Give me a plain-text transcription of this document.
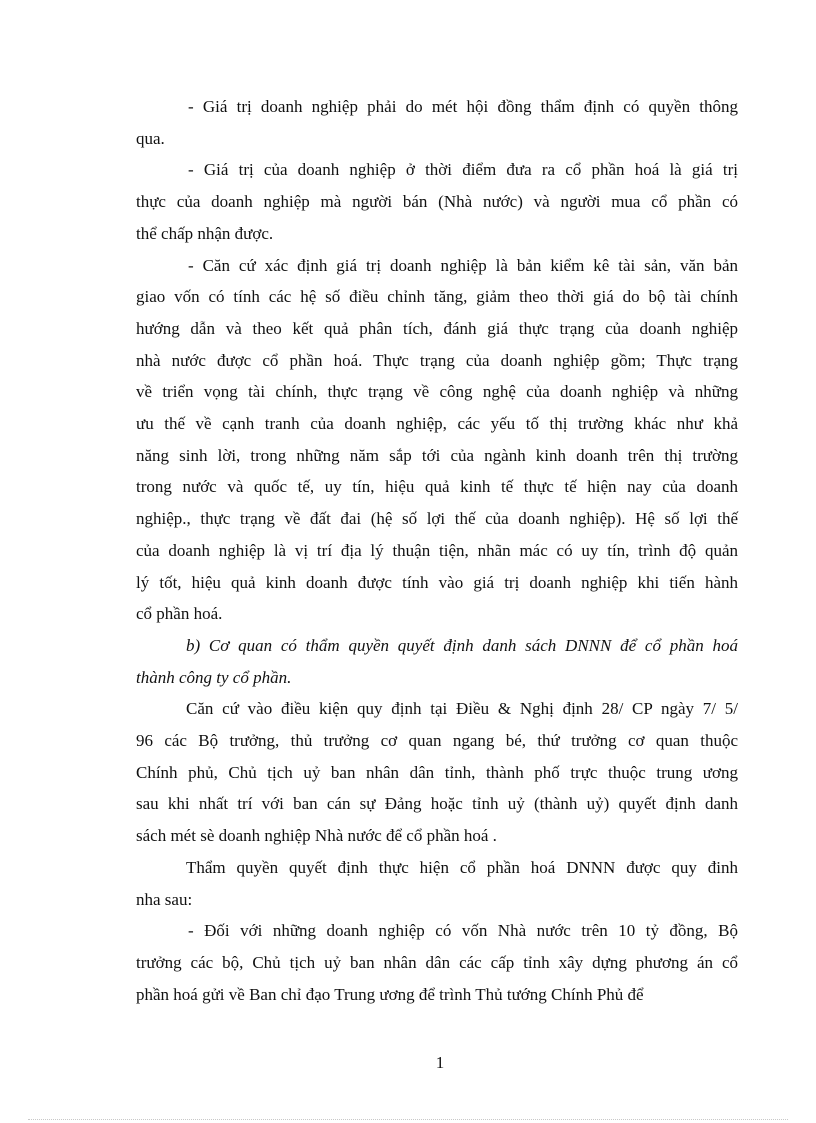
- Giá trị doanh nghiệp phải do mét hội đồng thẩm định có quyền thông
qua.

- Giá trị của doanh nghiệp ở thời điểm đưa ra cổ phần hoá là giá trị
thực của doanh nghiệp mà người bán (Nhà nước) và người mua cổ phần có
thể chấp nhận được.

- Căn cứ xác định giá trị doanh nghiệp là bản kiểm kê tài sản, văn bản
giao vốn có tính các hệ số điều chỉnh tăng, giảm theo thời giá do bộ tài chính
hướng dẫn và theo kết quả phân tích, đánh giá thực trạng của doanh nghiệp
nhà nước được cổ phần hoá. Thực trạng của doanh nghiệp gồm; Thực trạng
về triển vọng tài chính, thực trạng về công nghệ của doanh nghiệp và những
ưu thế về cạnh tranh của doanh nghiệp, các yếu tố thị trường khác như khả
năng sinh lời, trong những năm sắp tới của ngành kinh doanh trên thị trường
trong nước và quốc tế, uy tín, hiệu quả kinh tế thực tế hiện nay của doanh
nghiệp., thực trạng về đất đai (hệ số lợi thế của doanh nghiệp). Hệ số lợi thế
của doanh nghiệp là vị trí địa lý thuận tiện, nhãn mác có uy tín, trình độ quản
lý tốt, hiệu quả kinh doanh được tính vào giá trị doanh nghiệp khi tiến hành
cổ phần hoá.

b) Cơ quan có thẩm quyền quyết định danh sách DNNN để cổ phần hoá
thành công ty cổ phần.

Căn cứ vào điều kiện quy định tại Điều & Nghị định 28/ CP ngày 7/ 5/
96 các Bộ trưởng, thủ trưởng cơ quan ngang bé, thứ trưởng cơ quan thuộc
Chính phủ, Chủ tịch uỷ ban nhân dân tỉnh, thành phố trực thuộc trung ương
sau khi nhất trí với ban cán sự Đảng hoặc tỉnh uỷ (thành uỷ) quyết định danh
sách mét sè doanh nghiệp Nhà nước để cổ phần hoá .

Thẩm quyền quyết định thực hiện cổ phần hoá DNNN được quy đinh
nha sau:

- Đối với những doanh nghiệp có vốn Nhà nước trên 10 tỷ đồng, Bộ
trưởng các bộ, Chủ tịch uỷ ban nhân dân các cấp tỉnh xây dựng phương án cổ
phần hoá gửi về Ban chỉ đạo Trung ương để trình Thủ tướng Chính Phủ để

1
